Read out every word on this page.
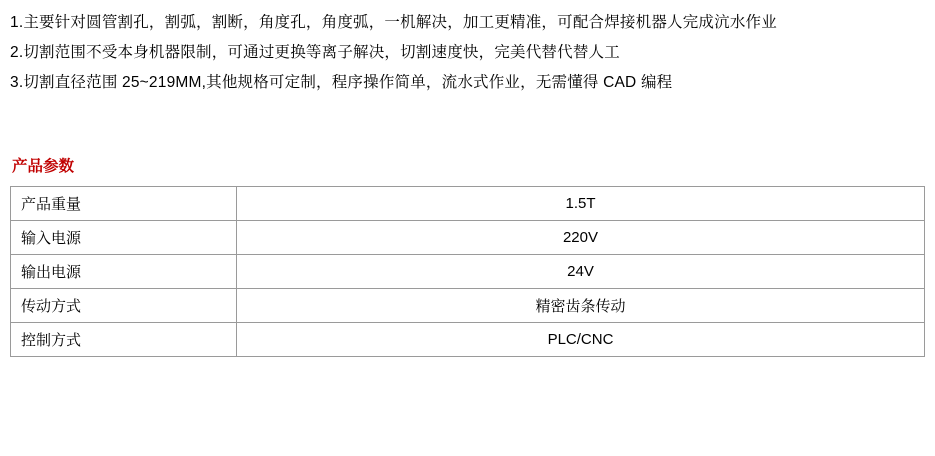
1.主要针对圆管割孔，割弧，割断，角度孔，角度弧，一机解决，加工更精准，可配合焊接机器人完成沆水作业

2.切割范围不受本身机器限制，可通过更换等离子解决，切割速度快，完美代替代替人工

3.切割直径范围 25~219MM,其他规格可定制，程序操作简单，流水式作业，无需懂得 CAD 编程

产品参数
产品重量	1.5T
输入电源	220V
输出电源	24V
传动方式	精密齿条传动
控制方式	PLC/CNC
